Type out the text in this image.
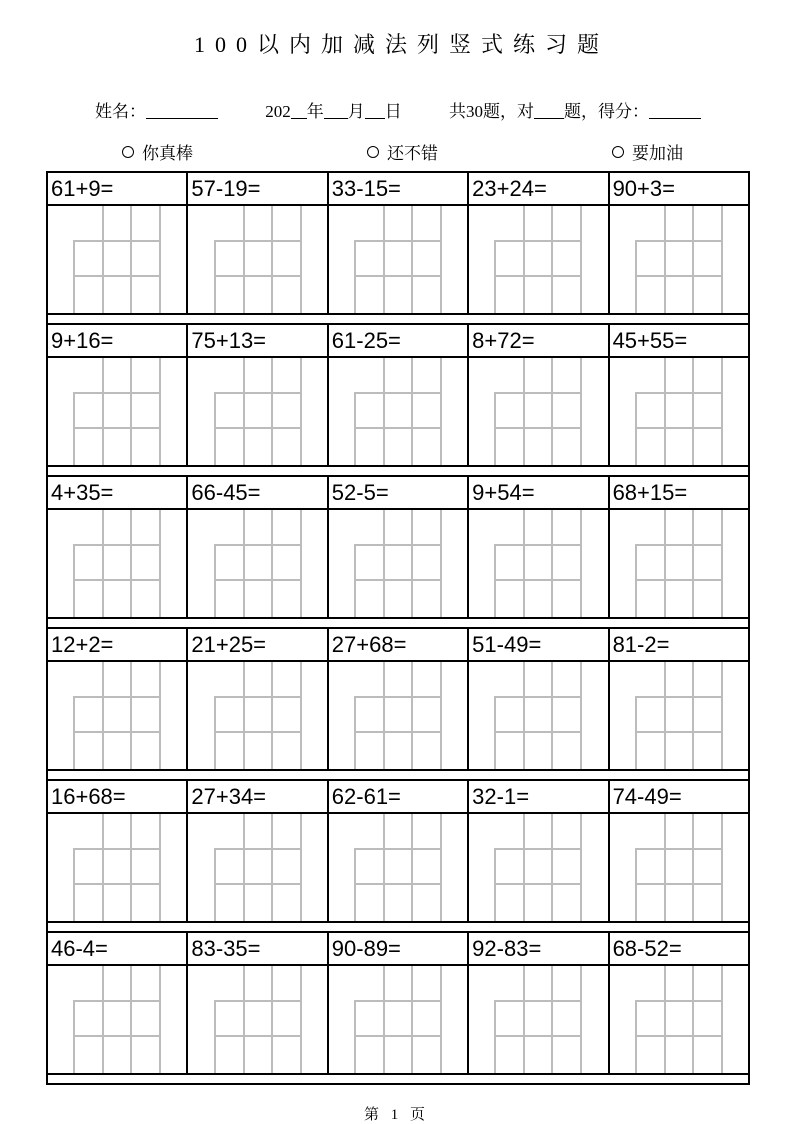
100以内加减法列竖式练习题
姓名：	202 年 月 日	共30题，对 题，得分：
你真棒	还不错	要加油
61+9=	57-19=	33-15=	23+24=	90+3=

9+16=	75+13=	61-25=	8+72=	45+55=

4+35=	66-45=	52-5=	9+54=	68+15=

12+2=	21+25=	27+68=	51-49=	81-2=

16+68=	27+34=	62-61=	32-1=	74-49=

46-4=	83-35=	90-89=	92-83=	68-52=

第 1 页
